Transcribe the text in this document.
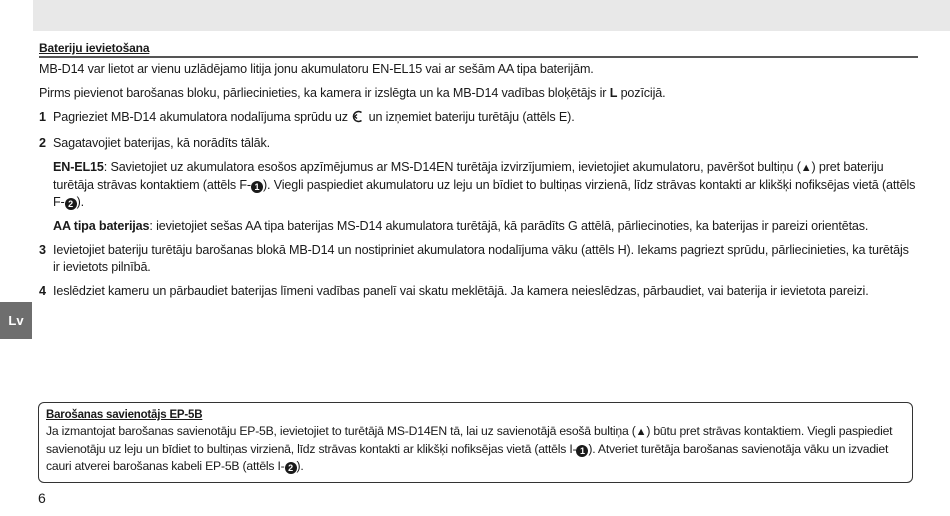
Bateriju ievietošana

MB-D14 var lietot ar vienu uzlādējamo litija jonu akumulatoru EN-EL15 vai ar sešām AA tipa baterijām.

Pirms pievienot barošanas bloku, pārliecinieties, ka kamera ir izslēgta un ka MB-D14 vadības bloķētājs ir L pozīcijā.

1 Pagrieziet MB-D14 akumulatora nodalījuma sprūdu uz  un izņemiet bateriju turētāju (attēls E).
2 Sagatavojiet baterijas, kā norādīts tālāk.

EN-EL15: Savietojiet uz akumulatora esošos apzīmējumus ar MS-D14EN turētāja izvirzījumiem, ievietojiet akumulatoru, pavēršot bultiņu (▲) pret bateriju turētāja strāvas kontaktiem (attēls F- 1 ). Viegli paspiediet akumulatoru uz leju un bīdiet to bultiņas virzienā, līdz strāvas kontakti ar klikšķi nofiksējas vietā (attēls F- 2 ).

AA tipa baterijas: ievietojiet sešas AA tipa baterijas MS-D14 akumulatora turētājā, kā parādīts G attēlā, pārliecinoties, ka baterijas ir pareizi orientētas.

3 Ievietojiet bateriju turētāju barošanas blokā MB-D14 un nostipriniet akumulatora nodalījuma vāku (attēls H). Iekams pagriezt sprūdu, pārliecinieties, ka turētājs ir ievietots pilnībā.
4 Ieslēdziet kameru un pārbaudiet baterijas līmeni vadības panelī vai skatu meklētājā. Ja kamera neieslēdzas, pārbaudiet, vai baterija ir ievietota pareizi.
Lv
Barošanas savienotājs EP-5B
Ja izmantojat barošanas savienotāju EP-5B, ievietojiet to turētājā MS-D14EN tā, lai uz savienotājā esošā bultiņa (▲) būtu pret strāvas kontaktiem. Viegli paspiediet savienotāju uz leju un bīdiet to bultiņas virzienā, līdz strāvas kontakti ar klikšķi nofiksējas vietā (attēls I- 1 ). Atveriet turētāja barošanas savienotāja vāku un izvadiet cauri atverei barošanas kabeli EP-5B (attēls I- 2 ).
6
